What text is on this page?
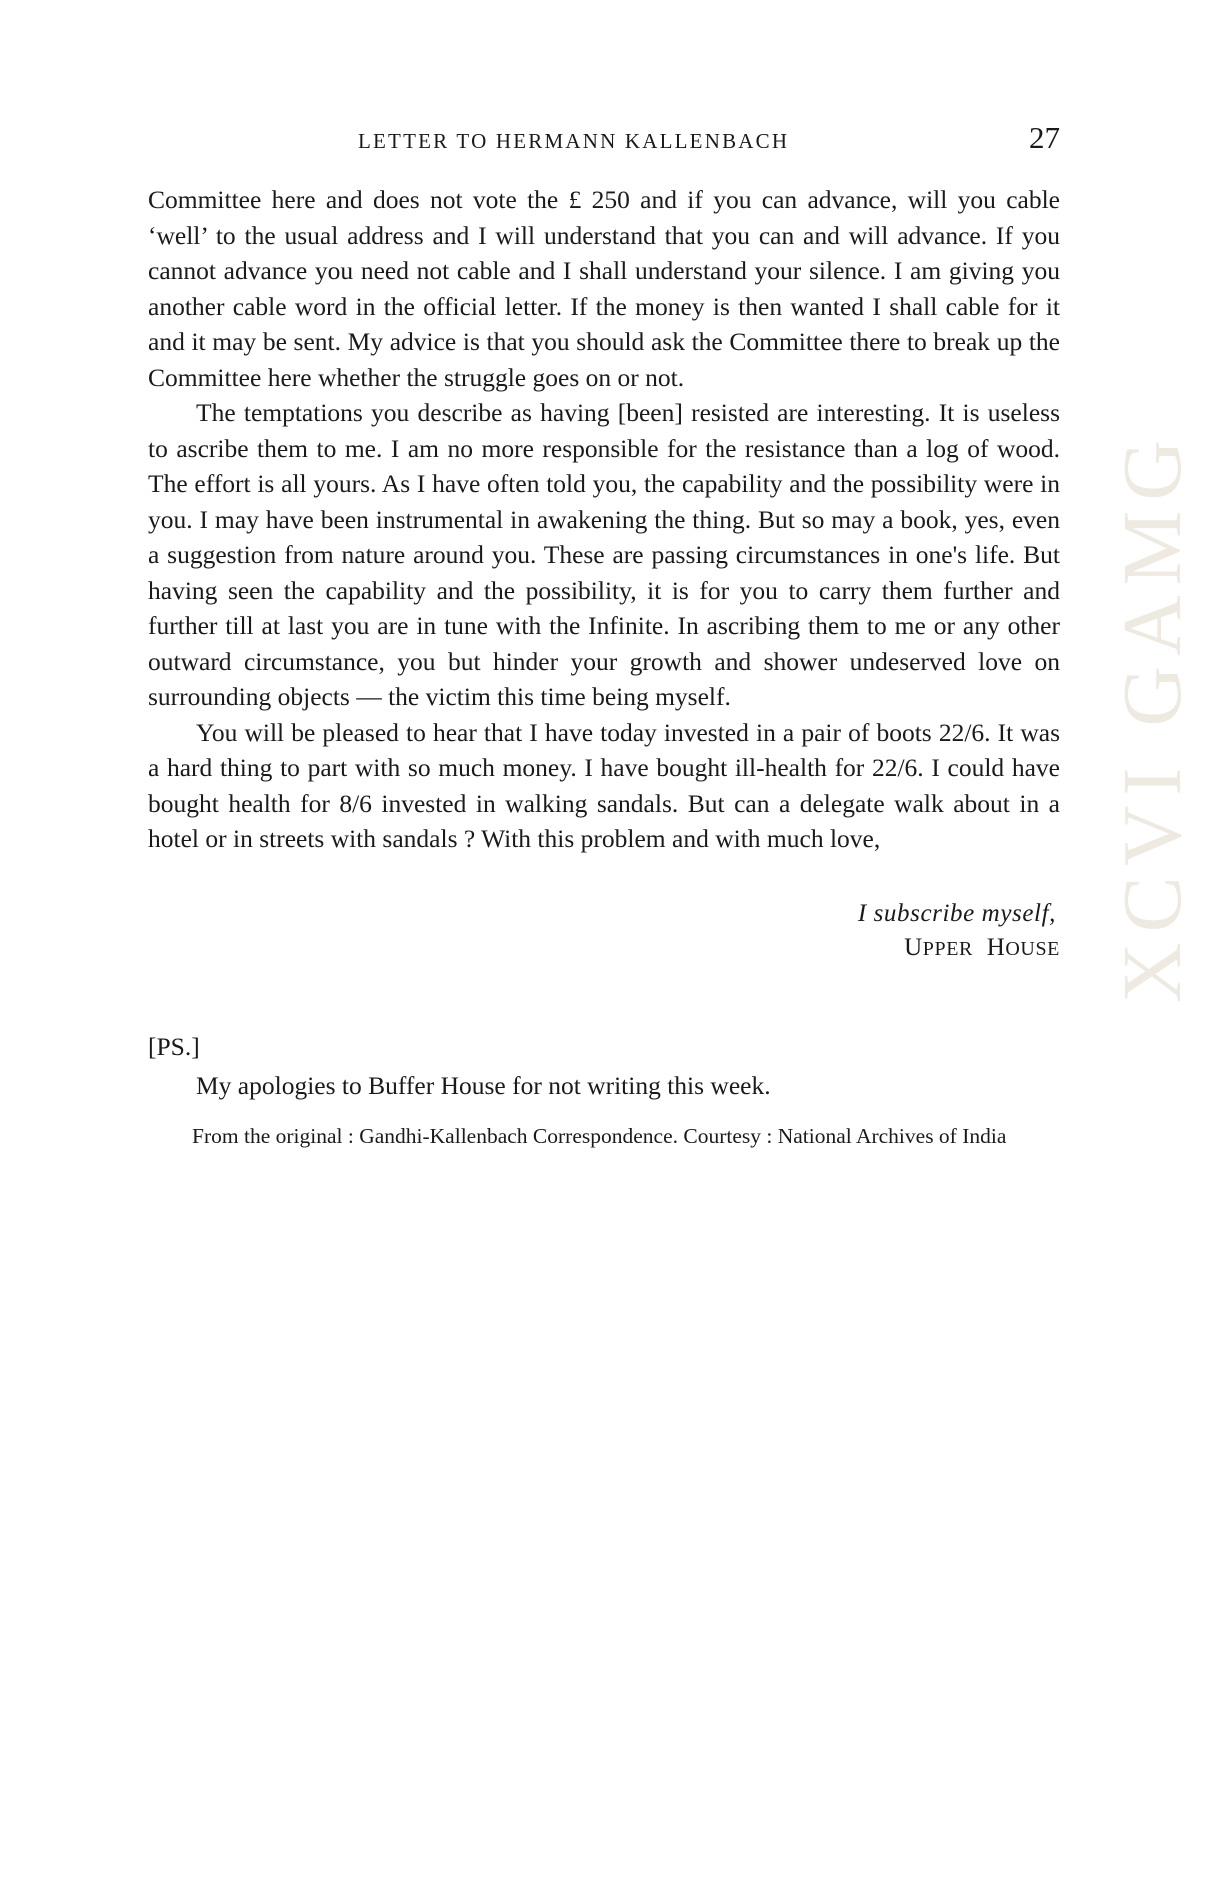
XCVI GAMG
LETTER TO HERMANN KALLENBACH	27

Committee here and does not vote the £ 250 and if you can advance, will you cable ‘well’ to the usual address and I will understand that you can and will advance. If you cannot advance you need not cable and I shall understand your silence. I am giving you another cable word in the official letter. If the money is then wanted I shall cable for it and it may be sent. My advice is that you should ask the Committee there to break up the Committee here whether the struggle goes on or not.

The temptations you describe as having [been] resisted are interesting. It is useless to ascribe them to me. I am no more responsible for the resistance than a log of wood. The effort is all yours. As I have often told you, the capability and the possibility were in you. I may have been instrumental in awakening the thing. But so may a book, yes, even a suggestion from nature around you. These are passing circumstances in one's life. But having seen the capability and the possibility, it is for you to carry them further and further till at last you are in tune with the Infinite. In ascribing them to me or any other outward circumstance, you but hinder your growth and shower undeserved love on surrounding objects — the victim this time being myself.

You will be pleased to hear that I have today invested in a pair of boots 22/6. It was a hard thing to part with so much money. I have bought ill-health for 22/6. I could have bought health for 8/6 invested in walking sandals. But can a delegate walk about in a hotel or in streets with sandals ? With this problem and with much love,

I subscribe myself,
UPPER HOUSE
[PS.]
My apologies to Buffer House for not writing this week.
From the original : Gandhi-Kallenbach Correspondence. Courtesy : National Archives of India
